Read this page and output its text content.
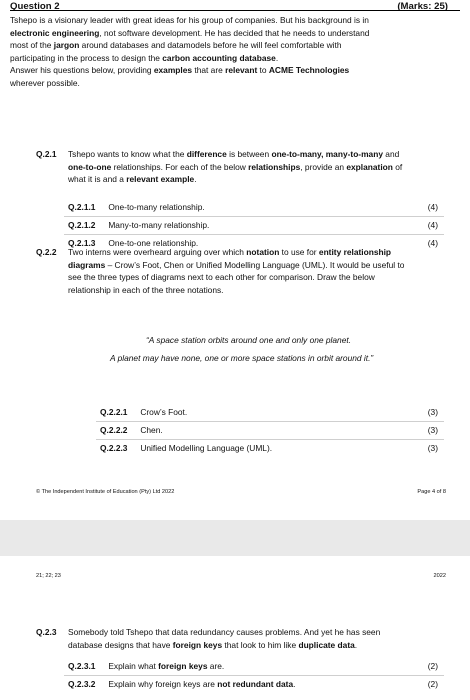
Question 2	(Marks: 25)

Tshepo is a visionary leader with great ideas for his group of companies. But his background is in

electronic engineering, not software development. He has decided that he needs to understand

most of the jargon around databases and datamodels before he will feel comfortable with

participating in the process to design the carbon accounting database.

Answer his questions below, providing examples that are relevant to ACME Technologies

wherever possible.

Q.2.1 Tshepo wants to know what the difference is between one-to-many, many-to-many and
one-to-one relationships. For each of the below relationships, provide an explanation of
what it is and a relevant example.
Q.2.1.1 One-to-many relationship.	(4)
Q.2.1.2 Many-to-many relationship.	(4)
Q.2.1.3 One-to-one relationship.	(4)
Q.2.2 Two interns were overheard arguing over which notation to use for entity relationship
diagrams – Crow’s Foot, Chen or Unified Modelling Language (UML). It would be useful to
see the three types of diagrams next to each other for comparison. Draw the below
relationship in each of the three notations.
“A space station orbits around one and only one planet.
A planet may have none, one or more space stations in orbit around it.”
Q.2.2.1 Crow’s Foot.	(3)
Q.2.2.2 Chen.	(3)
Q.2.2.3 Unified Modelling Language (UML).	(3)
© The Independent Institute of Education (Pty) Ltd 2022	Page 4 of 8
21; 22; 23	2022
Q.2.3 Somebody told Tshepo that data redundancy causes problems. And yet he has seen
database designs that have foreign keys that look to him like duplicate data.
Q.2.3.1 Explain what foreign keys are.	(2)
Q.2.3.2 Explain why foreign keys are not redundant data.	(2)
